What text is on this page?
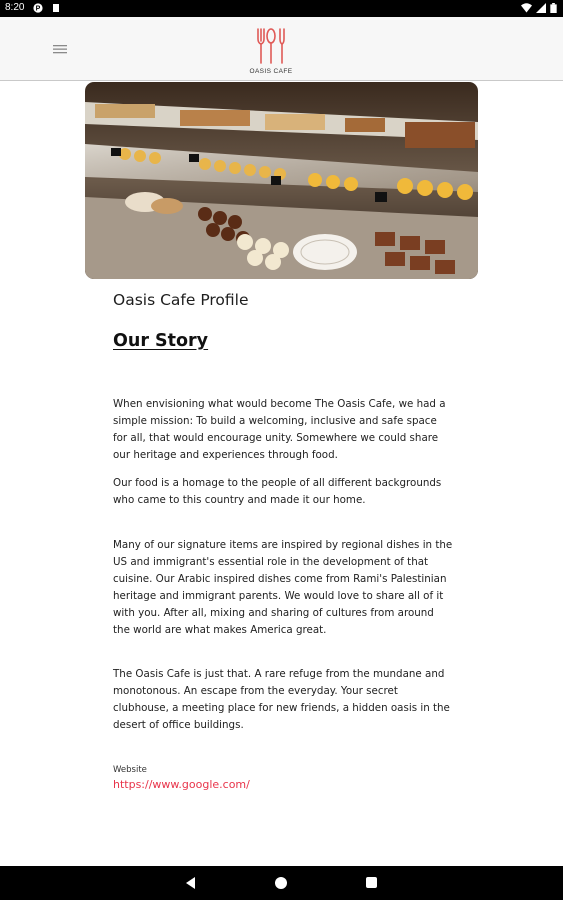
8:20 P
OASIS CAFE
Oasis Cafe Profile
Our Story
When envisioning what would become The Oasis Cafe, we had a simple mission: To build a welcoming, inclusive and safe space for all, that would encourage unity. Somewhere we could share our heritage and experiences through food.
Our food is a homage to the people of all different backgrounds who came to this country and made it our home.
Many of our signature items are inspired by regional dishes in the US and immigrant's essential role in the development of that cuisine. Our Arabic inspired dishes come from Rami's Palestinian heritage and immigrant parents. We would love to share all of it with you. After all, mixing and sharing of cultures from around the world are what makes America great.
The Oasis Cafe is just that. A rare refuge from the mundane and monotonous. An escape from the everyday. Your secret clubhouse, a meeting place for new friends, a hidden oasis in the desert of office buildings.
Website
https://www.google.com/
